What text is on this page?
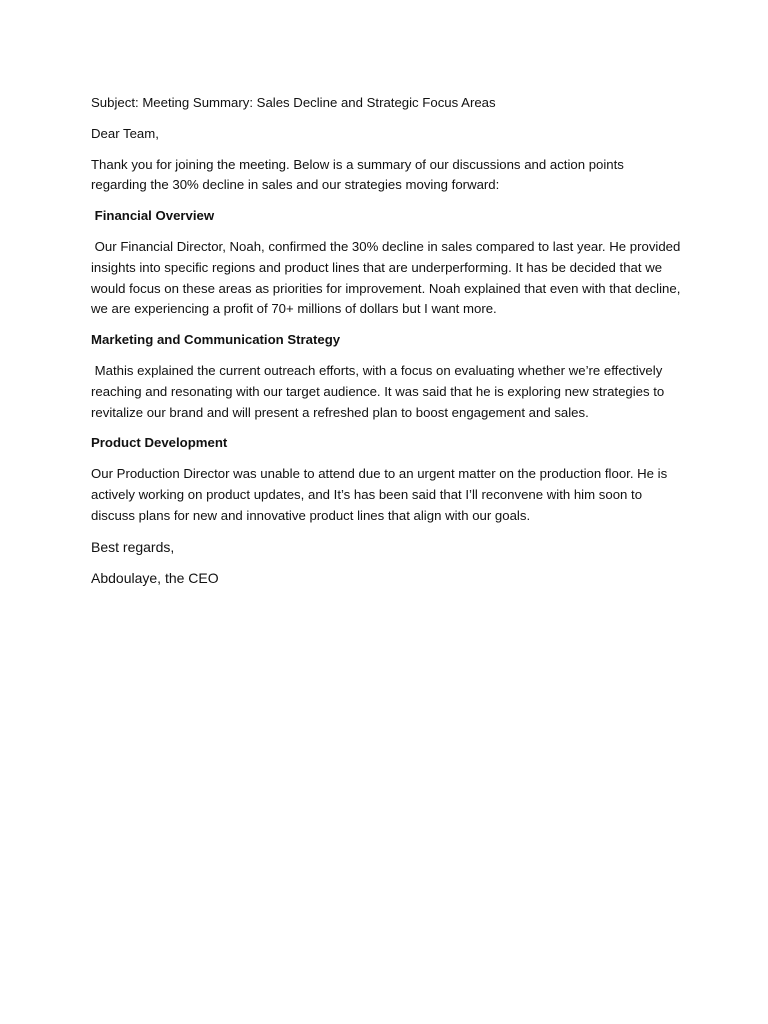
Subject: Meeting Summary: Sales Decline and Strategic Focus Areas

Dear Team,

Thank you for joining the meeting. Below is a summary of our discussions and action points regarding the 30% decline in sales and our strategies moving forward:

Financial Overview

Our Financial Director, Noah, confirmed the 30% decline in sales compared to last year. He provided insights into specific regions and product lines that are underperforming. It has be decided that we would focus on these areas as priorities for improvement. Noah explained that even with that decline, we are experiencing a profit of 70+ millions of dollars but I want more.

Marketing and Communication Strategy

Mathis explained the current outreach efforts, with a focus on evaluating whether we’re effectively reaching and resonating with our target audience. It was said that he is exploring new strategies to revitalize our brand and will present a refreshed plan to boost engagement and sales.

Product Development

Our Production Director was unable to attend due to an urgent matter on the production floor. He is actively working on product updates, and It’s has been said that I’ll reconvene with him soon to discuss plans for new and innovative product lines that align with our goals.

Best regards,

Abdoulaye, the CEO
